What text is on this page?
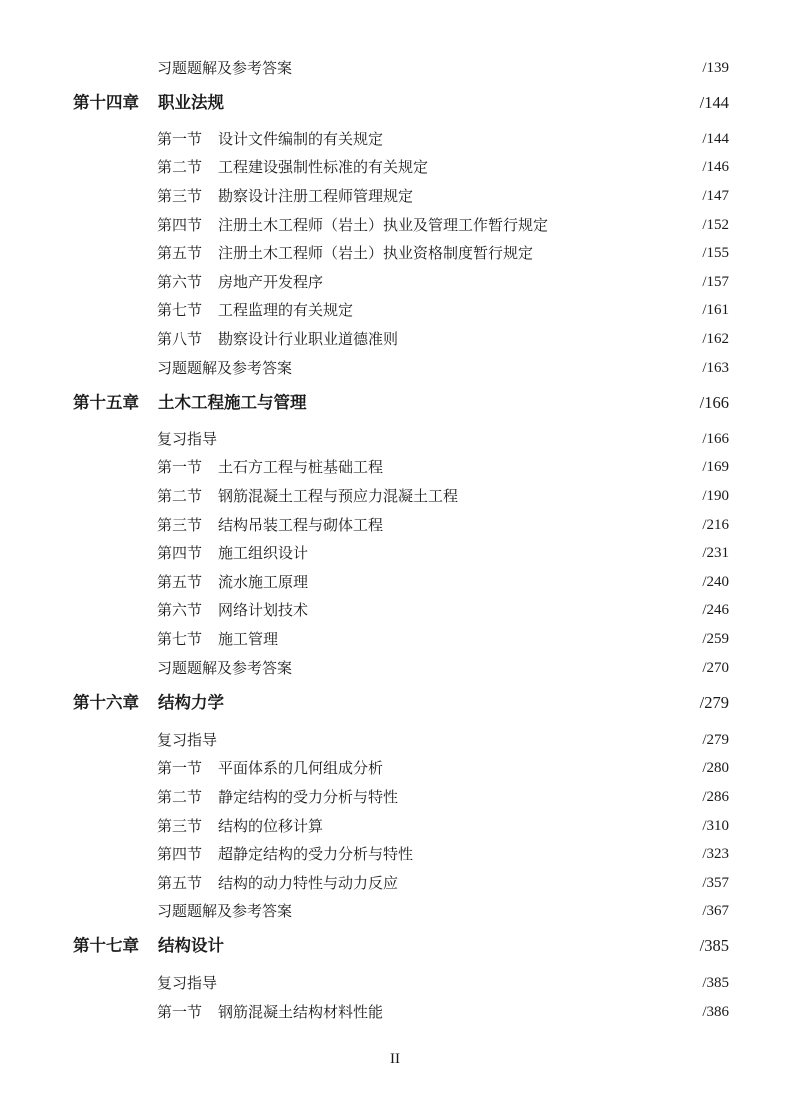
习题题解及参考答案	/139
第十四章 职业法规	/144
第一节 设计文件编制的有关规定	/144
第二节 工程建设强制性标准的有关规定	/146
第三节 勘察设计注册工程师管理规定	/147
第四节 注册土木工程师（岩土）执业及管理工作暂行规定	/152
第五节 注册土木工程师（岩土）执业资格制度暂行规定	/155
第六节 房地产开发程序	/157
第七节 工程监理的有关规定	/161
第八节 勘察设计行业职业道德准则	/162
习题题解及参考答案	/163
第十五章 土木工程施工与管理	/166
复习指导	/166
第一节 土石方工程与桩基础工程	/169
第二节 钢筋混凝土工程与预应力混凝土工程	/190
第三节 结构吊装工程与砌体工程	/216
第四节 施工组织设计	/231
第五节 流水施工原理	/240
第六节 网络计划技术	/246
第七节 施工管理	/259
习题题解及参考答案	/270
第十六章 结构力学	/279
复习指导	/279
第一节 平面体系的几何组成分析	/280
第二节 静定结构的受力分析与特性	/286
第三节 结构的位移计算	/310
第四节 超静定结构的受力分析与特性	/323
第五节 结构的动力特性与动力反应	/357
习题题解及参考答案	/367
第十七章 结构设计	/385
复习指导	/385
第一节 钢筋混凝土结构材料性能	/386
II
